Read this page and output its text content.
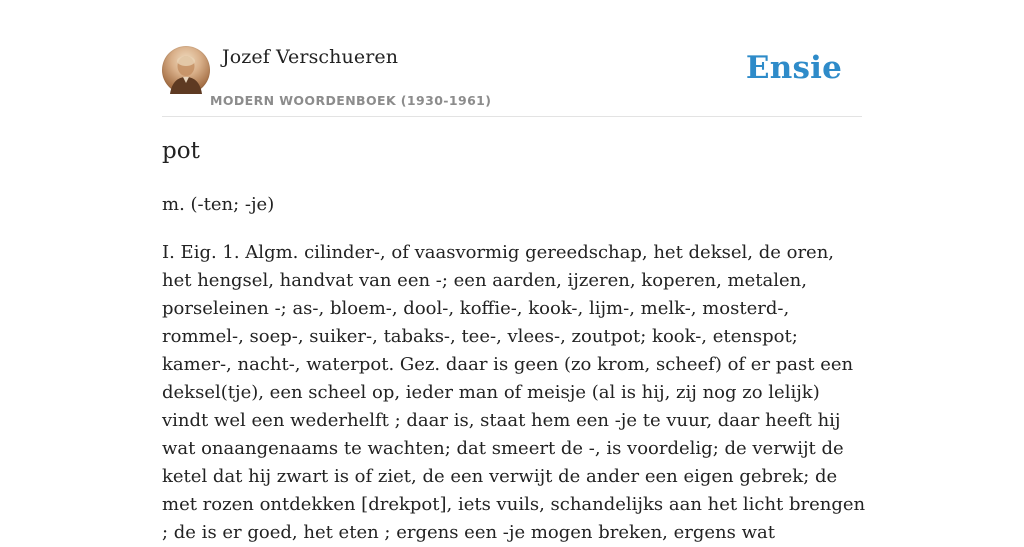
Jozef Verschueren
MODERN WOORDENBOEK (1930-1961)
Ensie
pot
m. (-ten; -je)

I. Eig. 1. Algm. cilinder-, of vaasvormig gereedschap, het deksel, de oren, het hengsel, handvat van een -; een aarden, ijzeren, koperen, metalen, porseleinen -; as-, bloem-, dool-, koffie-, kook-, lijm-, melk-, mosterd-, rommel-, soep-, suiker-, tabaks-, tee-, vlees-, zoutpot; kook-, etenspot; kamer-, nacht-, waterpot. Gez. daar is geen (zo krom, scheef) of er past een deksel(tje), een scheel op, ieder man of meisje (al is hij, zij nog zo lelijk) vindt wel een wederhelft ; daar is, staat hem een -je te vuur, daar heeft hij wat onaangenaams te wachten; dat smeert de -, is voordelig; de verwijt de ketel dat hij zwart is of ziet, de een verwijt de ander een eigen gebrek; de met rozen ontdekken [drekpot], iets vuils, schandelijks aan het licht brengen ; de is er goed, het eten ; ergens een -je mogen breken, ergens wat
